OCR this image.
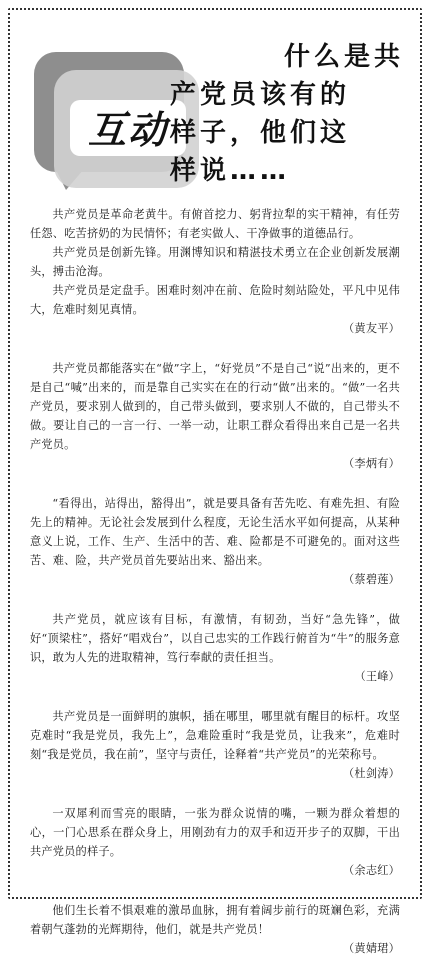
互动
什么是共
产党员该有的
样子，他们这
样说……

共产党员是革命老黄牛。有俯首挖力、躬背拉犁的实干精神，有任劳任怨、吃苦挤奶的为民情怀；有老实做人、干净做事的道德品行。

共产党员是创新先锋。用渊博知识和精湛技术勇立在企业创新发展潮头，搏击沧海。

共产党员是定盘手。困难时刻冲在前、危险时刻站险处，平凡中见伟大，危难时刻见真情。

（黄友平）

共产党员都能落实在“做”字上，“好党员”不是自己“说”出来的，更不是自己“喊”出来的，而是靠自己实实在在的行动“做”出来的。“做”一名共产党员，要求别人做到的，自己带头做到，要求别人不做的，自己带头不做。要让自己的一言一行、一举一动，让职工群众看得出来自己是一名共产党员。

（李炳有）

“看得出，站得出，豁得出”，就是要具备有苦先吃、有难先担、有险先上的精神。无论社会发展到什么程度，无论生活水平如何提高，从某种意义上说，工作、生产、生活中的苦、难、险都是不可避免的。面对这些苦、难、险，共产党员首先要站出来、豁出来。

（蔡碧莲）

共产党员，就应该有目标，有激情，有韧劲，当好“急先锋”，做好“顶梁柱”，搭好“唱戏台”，以自己忠实的工作践行俯首为“牛”的服务意识，敢为人先的进取精神，笃行奉献的责任担当。

（王峰）

共产党员是一面鲜明的旗帜，插在哪里，哪里就有醒目的标杆。攻坚克难时“我是党员，我先上”，急难险重时“我是党员，让我来”，危难时刻“我是党员，我在前”，坚守与责任，诠释着“共产党员”的光荣称号。

（杜剑涛）

一双犀利而雪亮的眼睛，一张为群众说情的嘴，一颗为群众着想的心，一门心思系在群众身上，用刚劲有力的双手和迈开步子的双脚，干出共产党员的样子。

（余志红）

他们生长着不惧艰难的激昂血脉，拥有着阔步前行的斑斓色彩，充满着朝气蓬勃的光辉期待，他们，就是共产党员！

（黄婧珺）
